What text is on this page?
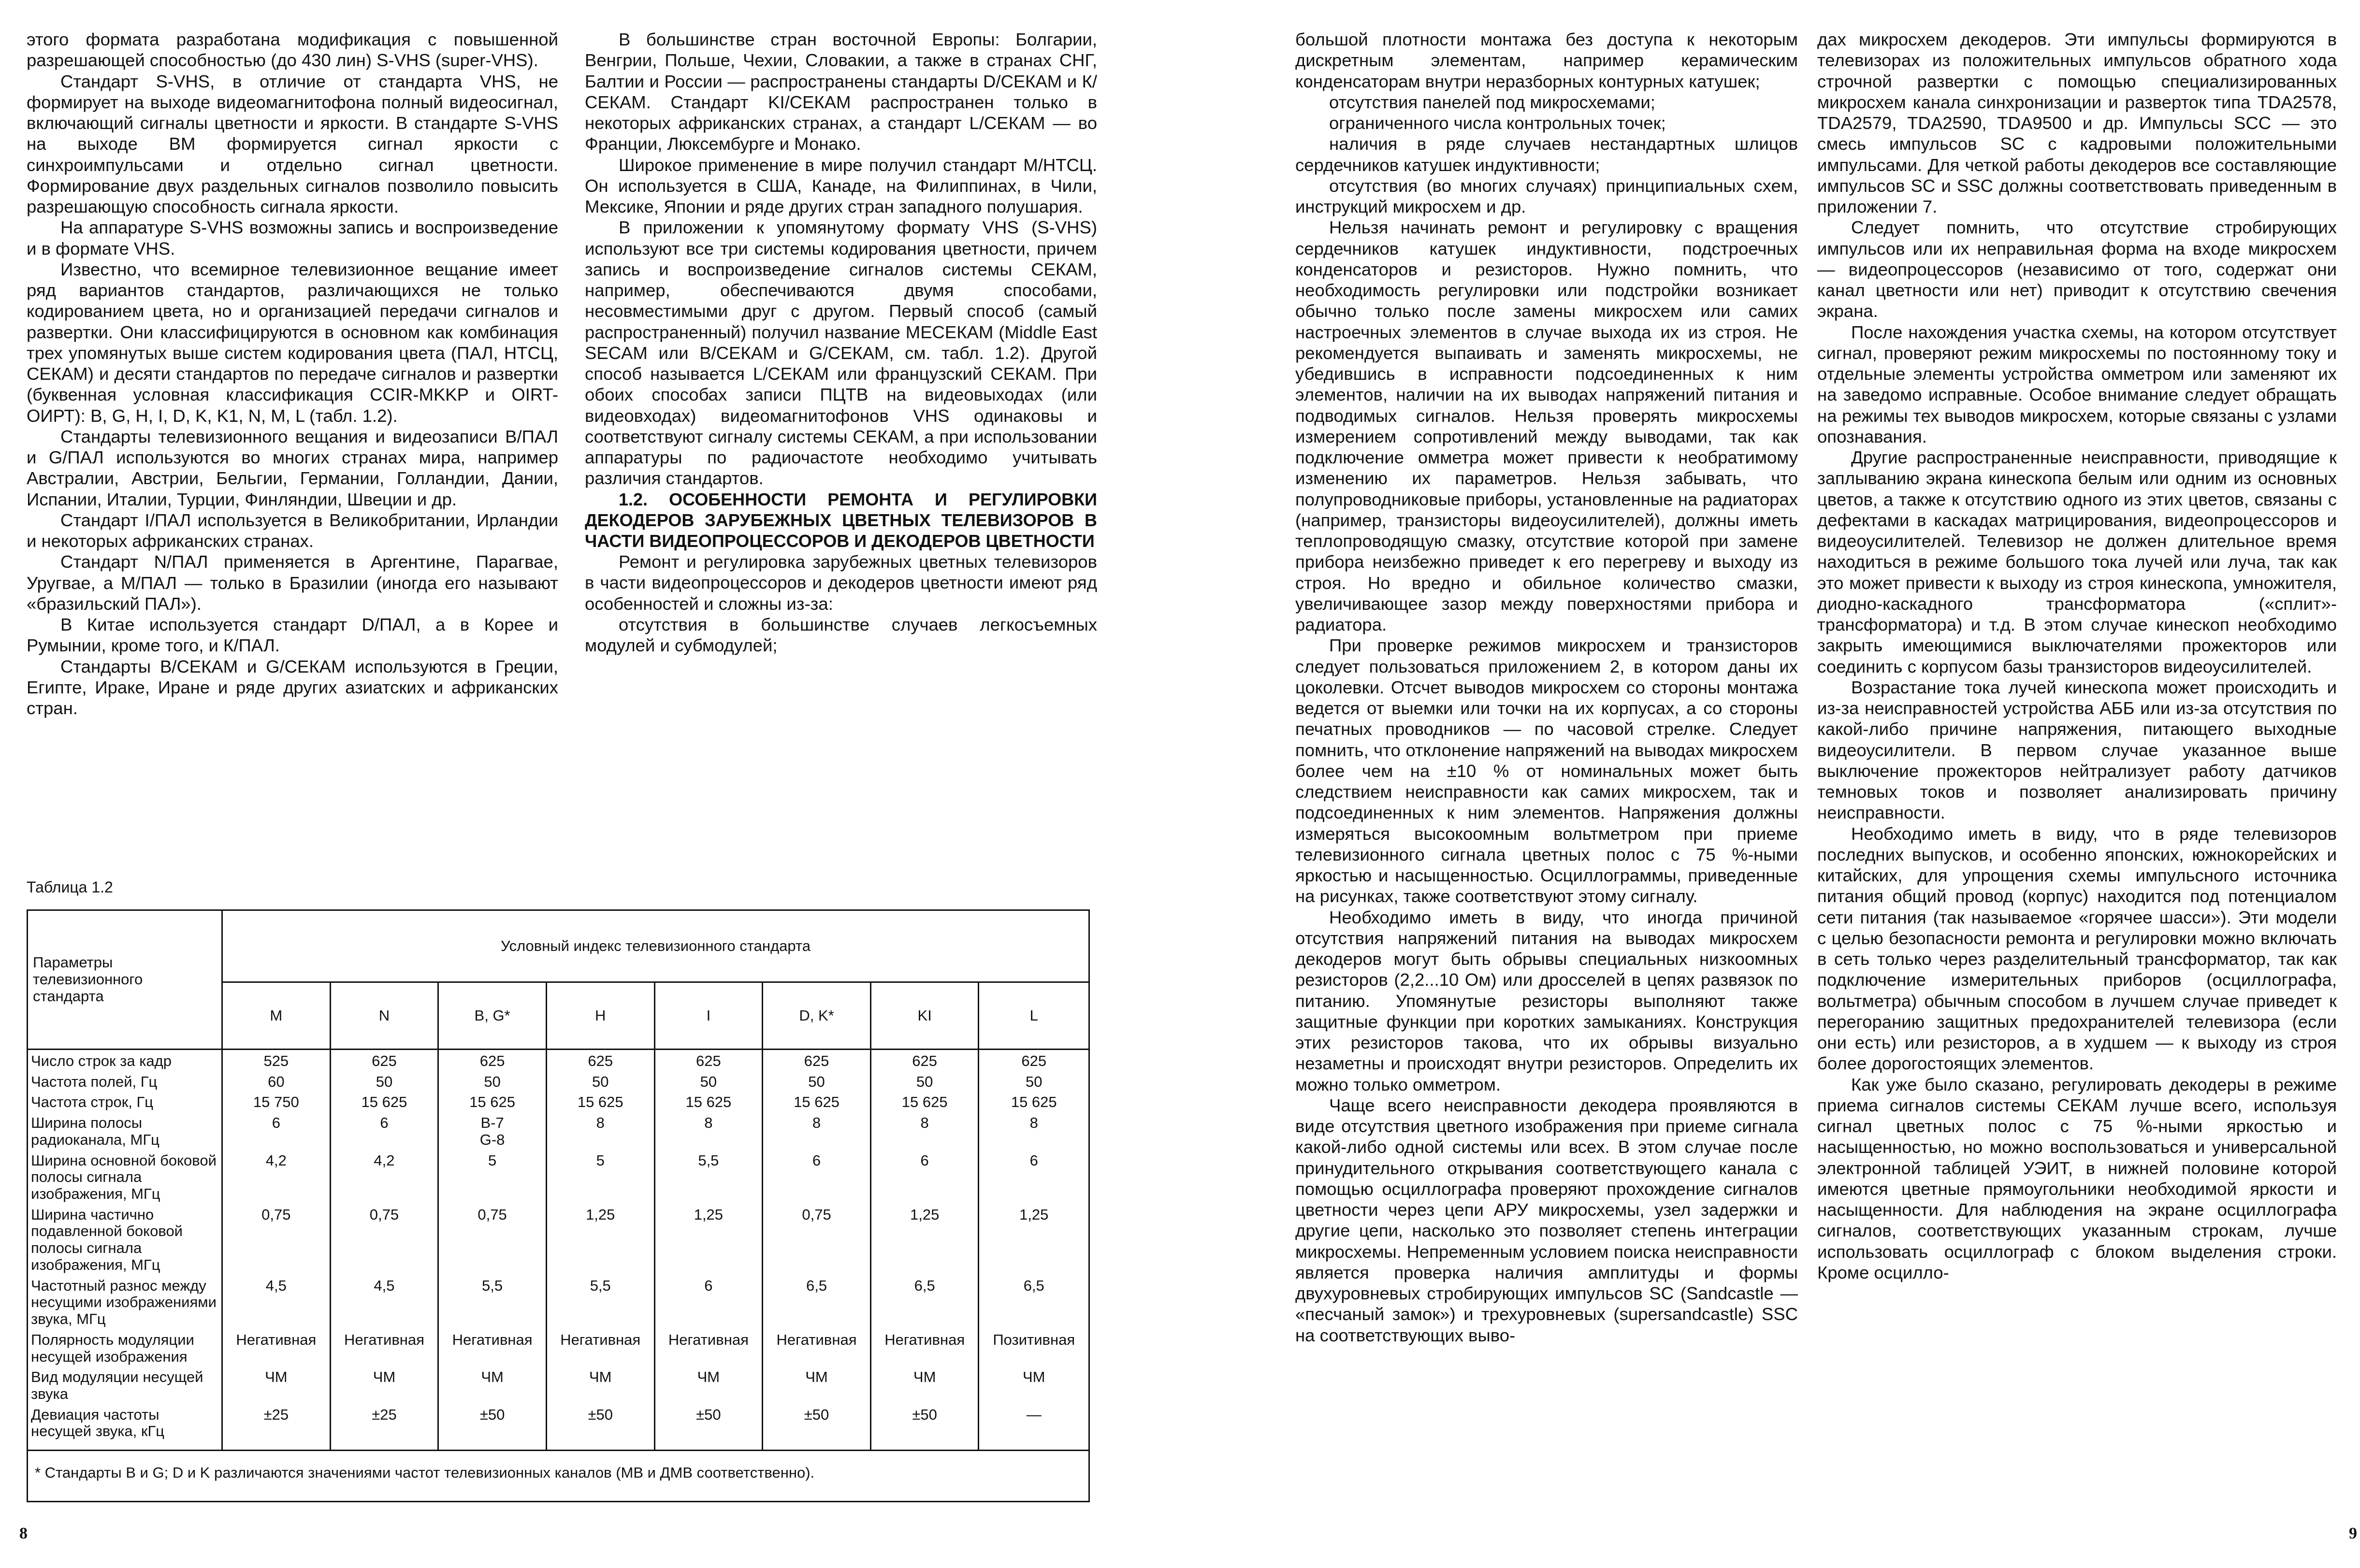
этого формата разработана модификация с повышенной разрешающей способностью (до 430 лин) S-VHS (super-VHS).

Стандарт S-VHS, в отличие от стандарта VHS, не формирует на выходе видеомагнитофона полный видеосигнал, включающий сигналы цветности и яркости. В стандарте S-VHS на выходе ВМ формируется сигнал яркости с синхроимпульсами и отдельно сигнал цветности. Формирование двух раздельных сигналов позволило повысить разрешающую способность сигнала яркости.

На аппаратуре S-VHS возможны запись и воспроизведение и в формате VHS.

Известно, что всемирное телевизионное вещание имеет ряд вариантов стандартов, различающихся не только кодированием цвета, но и организацией передачи сигналов и развертки. Они классифицируются в основном как комбинация трех упомянутых выше систем кодирования цвета (ПАЛ, НТСЦ, СЕКАМ) и десяти стандартов по передаче сигналов и развертки (буквенная условная классификация CCIR-MKKP и OIRT-ОИРТ): B, G, H, I, D, K, K1, N, M, L (табл. 1.2).

Стандарты телевизионного вещания и видеозаписи В/ПАЛ и G/ПАЛ используются во многих странах мира, например Австралии, Австрии, Бельгии, Германии, Голландии, Дании, Испании, Италии, Турции, Финляндии, Швеции и др.

Стандарт I/ПАЛ используется в Великобритании, Ирландии и некоторых африканских странах.

Стандарт N/ПАЛ применяется в Аргентине, Парагвае, Уругвае, а М/ПАЛ — только в Бразилии (иногда его называют «бразильский ПАЛ»).

В Китае используется стандарт D/ПАЛ, а в Корее и Румынии, кроме того, и К/ПАЛ.

Стандарты В/СЕКАМ и G/СЕКАМ используются в Греции, Египте, Ираке, Иране и ряде других азиатских и африканских стран.

В большинстве стран восточной Европы: Болгарии, Венгрии, Польше, Чехии, Словакии, а также в странах СНГ, Балтии и России — распространены стандарты D/СЕКАМ и К/СЕКАМ. Стандарт KI/СЕКАМ распространен только в некоторых африканских странах, а стандарт L/СЕКАМ — во Франции, Люксембурге и Монако.

Широкое применение в мире получил стандарт М/НТСЦ. Он используется в США, Канаде, на Филиппинах, в Чили, Мексике, Японии и ряде других стран западного полушария.

В приложении к упомянутому формату VHS (S-VHS) используют все три системы кодирования цветности, причем запись и воспроизведение сигналов системы СЕКАМ, например, обеспечиваются двумя способами, несовместимыми друг с другом. Первый способ (самый распространенный) получил название МЕСЕКАМ (Middle East SECAM или В/СЕКАМ и G/СЕКАМ, см. табл. 1.2). Другой способ называется L/СЕКАМ или французский СЕКАМ. При обоих способах записи ПЦТВ на видеовыходах (или видеовходах) видеомагнитофонов VHS одинаковы и соответствуют сигналу системы СЕКАМ, а при использовании аппаратуры по радиочастоте необходимо учитывать различия стандартов.

1.2. ОСОБЕННОСТИ РЕМОНТА И РЕГУЛИРОВКИ ДЕКОДЕРОВ ЗАРУБЕЖНЫХ ЦВЕТНЫХ ТЕЛЕВИЗОРОВ В ЧАСТИ ВИДЕОПРОЦЕССОРОВ И ДЕКОДЕРОВ ЦВЕТНОСТИ

Ремонт и регулировка зарубежных цветных телевизоров в части видеопроцессоров и декодеров цветности имеют ряд особенностей и сложны из-за:

отсутствия в большинстве случаев легкосъемных модулей и субмодулей;

Таблица 1.2
Параметры телевизионного стандарта	Условный индекс телевизионного стандарта							
	M	N	B, G*	H	I	D, K*	KI	L
Число строк за кадр	525	625	625	625	625	625	625	625
Частота полей, Гц	60	50	50	50	50	50	50	50
Частота строк, Гц	15 750	15 625	15 625	15 625	15 625	15 625	15 625	15 625
Ширина полосы радиоканала, МГц	6	6	B-7
G-8	8	8	8	8	8
Ширина основной боковой полосы сигнала изображения, МГц	4,2	4,2	5	5	5,5	6	6	6
Ширина частично подавленной боковой полосы сигнала изображения, МГц	0,75	0,75	0,75	1,25	1,25	0,75	1,25	1,25
Частотный разнос между несущими изображениями звука, МГц	4,5	4,5	5,5	5,5	6	6,5	6,5	6,5
Полярность модуляции несущей изображения	Негативная	Негативная	Негативная	Негативная	Негативная	Негативная	Негативная	Позитивная
Вид модуляции несущей звука	ЧМ	ЧМ	ЧМ	ЧМ	ЧМ	ЧМ	ЧМ	ЧМ
Девиация частоты несущей звука, кГц	±25	±25	±50	±50	±50	±50	±50	—
* Стандарты B и G; D и K различаются значениями частот телевизионных каналов (МВ и ДМВ соответственно).								
8

большой плотности монтажа без доступа к некоторым дискретным элементам, например керамическим конденсаторам внутри неразборных контурных катушек;

отсутствия панелей под микросхемами;

ограниченного числа контрольных точек;

наличия в ряде случаев нестандартных шлицов сердечников катушек индуктивности;

отсутствия (во многих случаях) принципиальных схем, инструкций микросхем и др.

Нельзя начинать ремонт и регулировку с вращения сердечников катушек индуктивности, подстроечных конденсаторов и резисторов. Нужно помнить, что необходимость регулировки или подстройки возникает обычно только после замены микросхем или самих настроечных элементов в случае выхода их из строя. Не рекомендуется выпаивать и заменять микросхемы, не убедившись в исправности подсоединенных к ним элементов, наличии на их выводах напряжений питания и подводимых сигналов. Нельзя проверять микросхемы измерением сопротивлений между выводами, так как подключение омметра может привести к необратимому изменению их параметров. Нельзя забывать, что полупроводниковые приборы, установленные на радиаторах (например, транзисторы видеоусилителей), должны иметь теплопроводящую смазку, отсутствие которой при замене прибора неизбежно приведет к его перегреву и выходу из строя. Но вредно и обильное количество смазки, увеличивающее зазор между поверхностями прибора и радиатора.

При проверке режимов микросхем и транзисторов следует пользоваться приложением 2, в котором даны их цоколевки. Отсчет выводов микросхем со стороны монтажа ведется от выемки или точки на их корпусах, а со стороны печатных проводников — по часовой стрелке. Следует помнить, что отклонение напряжений на выводах микросхем более чем на ±10 % от номинальных может быть следствием неисправности как самих микросхем, так и подсоединенных к ним элементов. Напряжения должны измеряться высокоомным вольтметром при приеме телевизионного сигнала цветных полос с 75 %-ными яркостью и насыщенностью. Осциллограммы, приведенные на рисунках, также соответствуют этому сигналу.

Необходимо иметь в виду, что иногда причиной отсутствия напряжений питания на выводах микросхем декодеров могут быть обрывы специальных низкоомных резисторов (2,2...10 Ом) или дросселей в цепях развязок по питанию. Упомянутые резисторы выполняют также защитные функции при коротких замыканиях. Конструкция этих резисторов такова, что их обрывы визуально незаметны и происходят внутри резисторов. Определить их можно только омметром.

Чаще всего неисправности декодера проявляются в виде отсутствия цветного изображения при приеме сигнала какой-либо одной системы или всех. В этом случае после принудительного открывания соответствующего канала с помощью осциллографа проверяют прохождение сигналов цветности через цепи АРУ микросхемы, узел задержки и другие цепи, насколько это позволяет степень интеграции микросхемы. Непременным условием поиска неисправности является проверка наличия амплитуды и формы двухуровневых стробирующих импульсов SC (Sandcastle — «песчаный замок») и трехуровневых (supersandcastle) SSC на соответствующих выво-

дах микросхем декодеров. Эти импульсы формируются в телевизорах из положительных импульсов обратного хода строчной развертки с помощью специализированных микросхем канала синхронизации и разверток типа TDA2578, TDA2579, TDA2590, TDA9500 и др. Импульсы SCC — это смесь импульсов SC с кадровыми положительными импульсами. Для четкой работы декодеров все составляющие импульсов SC и SSC должны соответствовать приведенным в приложении 7.

Следует помнить, что отсутствие стробирующих импульсов или их неправильная форма на входе микросхем — видеопроцессоров (независимо от того, содержат они канал цветности или нет) приводит к отсутствию свечения экрана.

После нахождения участка схемы, на котором отсутствует сигнал, проверяют режим микросхемы по постоянному току и отдельные элементы устройства омметром или заменяют их на заведомо исправные. Особое внимание следует обращать на режимы тех выводов микросхем, которые связаны с узлами опознавания.

Другие распространенные неисправности, приводящие к заплыванию экрана кинескопа белым или одним из основных цветов, а также к отсутствию одного из этих цветов, связаны с дефектами в каскадах матрицирования, видеопроцессоров и видеоусилителей. Телевизор не должен длительное время находиться в режиме большого тока лучей или луча, так как это может привести к выходу из строя кинескопа, умножителя, диодно-каскадного трансформатора («сплит»-трансформатора) и т.д. В этом случае кинескоп необходимо закрыть имеющимися выключателями прожекторов или соединить с корпусом базы транзисторов видеоусилителей.

Возрастание тока лучей кинескопа может происходить и из-за неисправностей устройства АББ или из-за отсутствия по какой-либо причине напряжения, питающего выходные видеоусилители. В первом случае указанное выше выключение прожекторов нейтрализует работу датчиков темновых токов и позволяет анализировать причину неисправности.

Необходимо иметь в виду, что в ряде телевизоров последних выпусков, и особенно японских, южнокорейских и китайских, для упрощения схемы импульсного источника питания общий провод (корпус) находится под потенциалом сети питания (так называемое «горячее шасси»). Эти модели с целью безопасности ремонта и регулировки можно включать в сеть только через разделительный трансформатор, так как подключение измерительных приборов (осциллографа, вольтметра) обычным способом в лучшем случае приведет к перегоранию защитных предохранителей телевизора (если они есть) или резисторов, а в худшем — к выходу из строя более дорогостоящих элементов.

Как уже было сказано, регулировать декодеры в режиме приема сигналов системы СЕКАМ лучше всего, используя сигнал цветных полос с 75 %-ными яркостью и насыщенностью, но можно воспользоваться и универсальной электронной таблицей УЭИТ, в нижней половине которой имеются цветные прямоугольники необходимой яркости и насыщенности. Для наблюдения на экране осциллографа сигналов, соответствующих указанным строкам, лучше использовать осциллограф с блоком выделения строки. Кроме осцилло-

9
